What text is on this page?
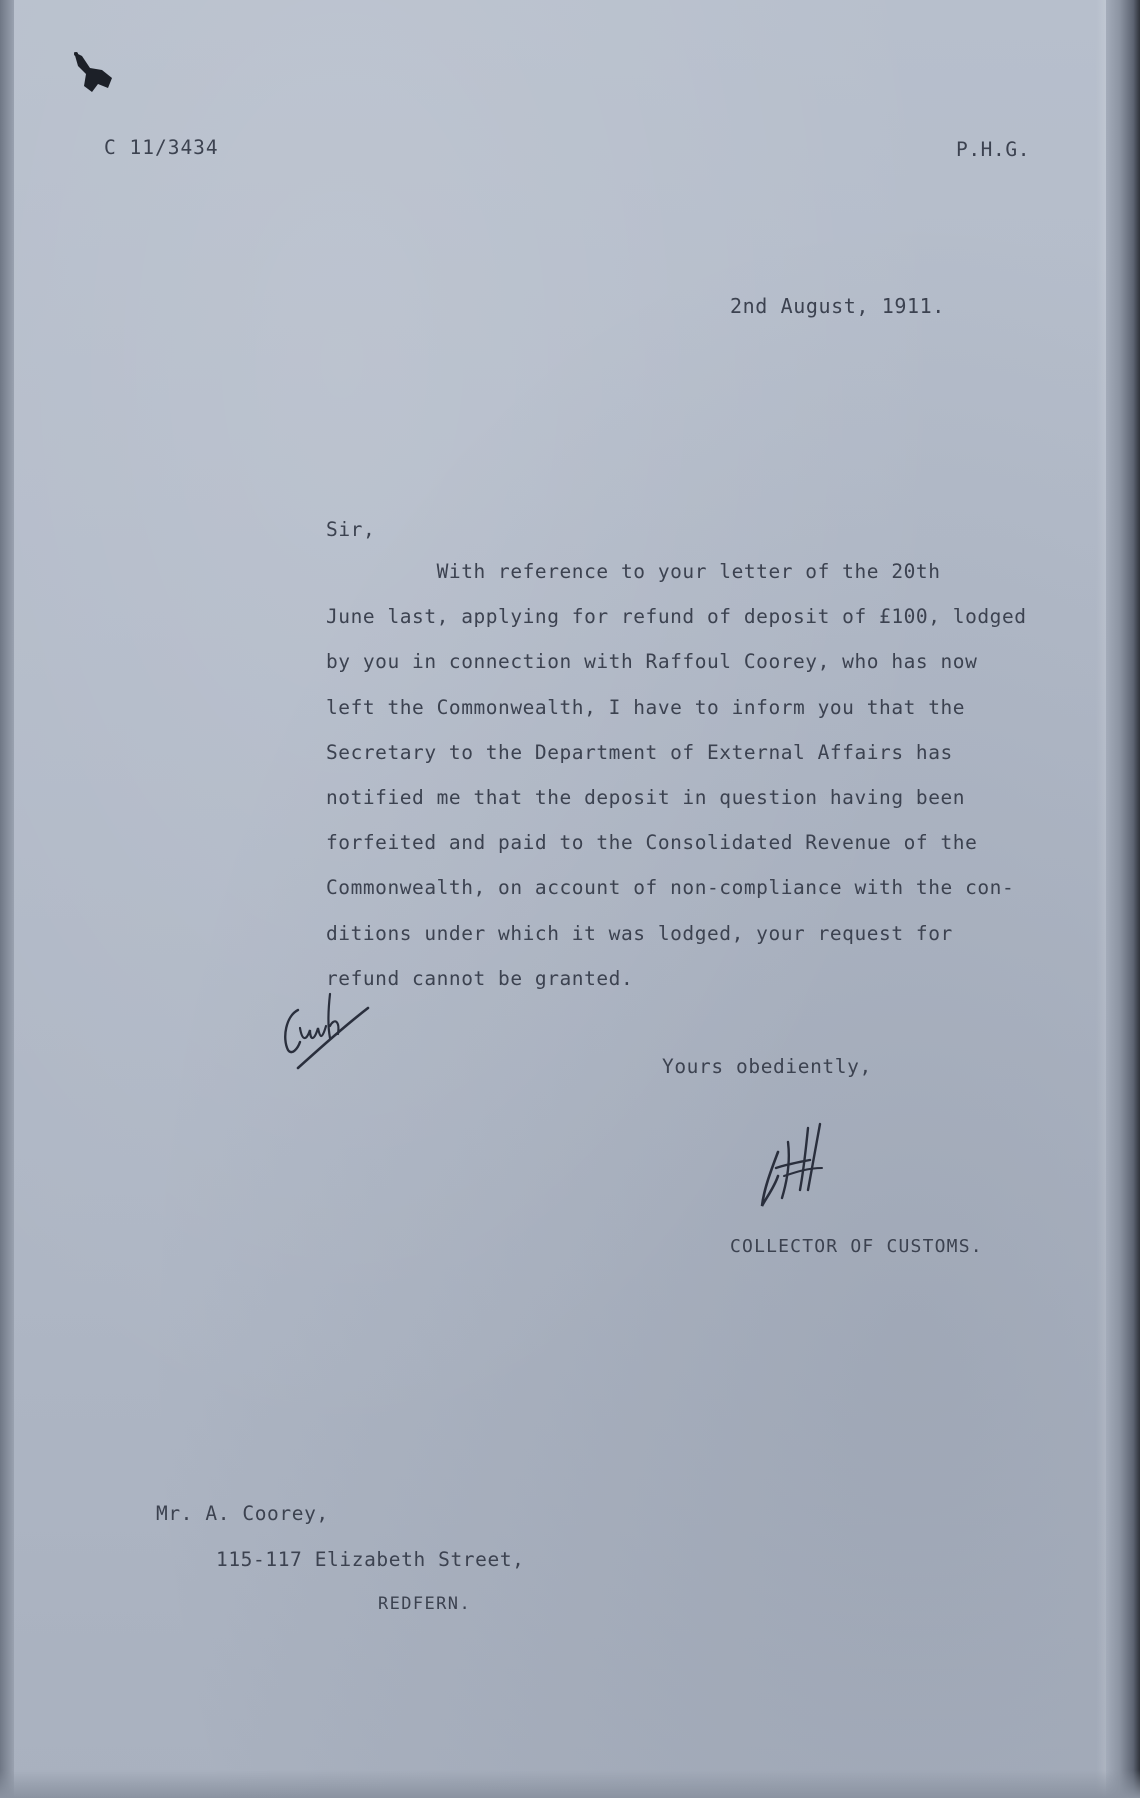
C 11/3434	P.H.G.
2nd August, 1911.
Sir,
With reference to your letter of the 20th
June last, applying for refund of deposit of £100, lodged
by you in connection with Raffoul Coorey, who has now
left the Commonwealth, I have to inform you that the
Secretary to the Department of External Affairs has
notified me that the deposit in question having been
forfeited and paid to the Consolidated Revenue of the
Commonwealth, on account of non-compliance with the con-
ditions under which it was lodged, your request for
refund cannot be granted.
Yours obediently,
COLLECTOR OF CUSTOMS.
Mr. A. Coorey,
115-117 Elizabeth Street,
REDFERN.
